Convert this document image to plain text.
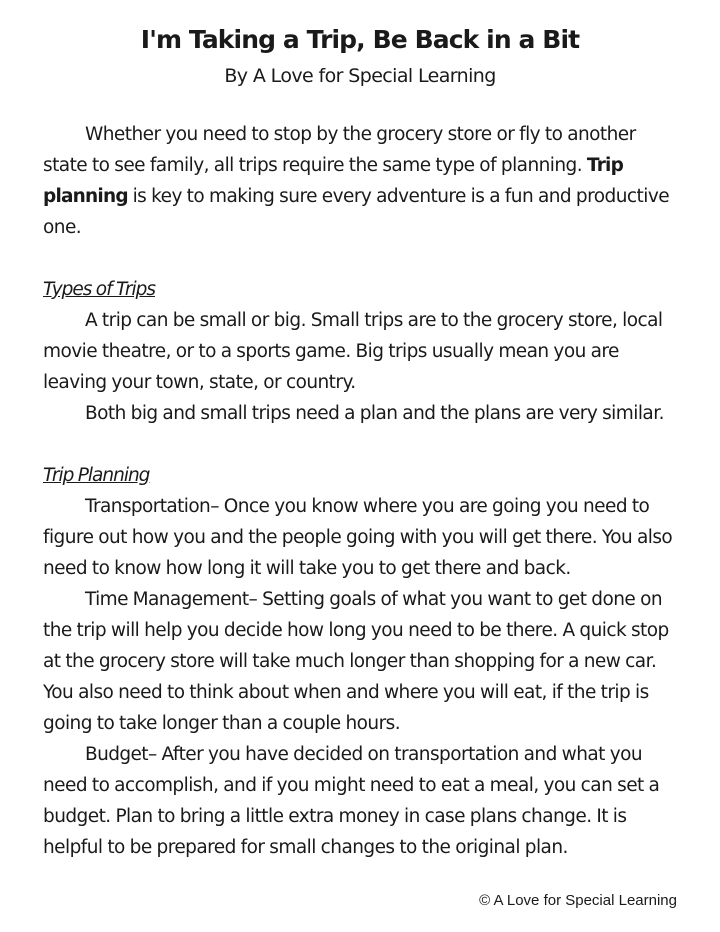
I'm Taking a Trip, Be Back in a Bit
By A Love for Special Learning

Whether you need to stop by the grocery store or fly to another state to see family, all trips require the same type of planning. Trip planning is key to making sure every adventure is a fun and productive one.

Types of Trips

A trip can be small or big. Small trips are to the grocery store, local movie theatre, or to a sports game. Big trips usually mean you are leaving your town, state, or country.

Both big and small trips need a plan and the plans are very similar.

Trip Planning

Transportation– Once you know where you are going you need to figure out how you and the people going with you will get there. You also need to know how long it will take you to get there and back.

Time Management– Setting goals of what you want to get done on the trip will help you decide how long you need to be there. A quick stop at the grocery store will take much longer than shopping for a new car. You also need to think about when and where you will eat, if the trip is going to take longer than a couple hours.

Budget– After you have decided on transportation and what you need to accomplish, and if you might need to eat a meal, you can set a budget. Plan to bring a little extra money in case plans change. It is helpful to be prepared for small changes to the original plan.

© A Love for Special Learning
